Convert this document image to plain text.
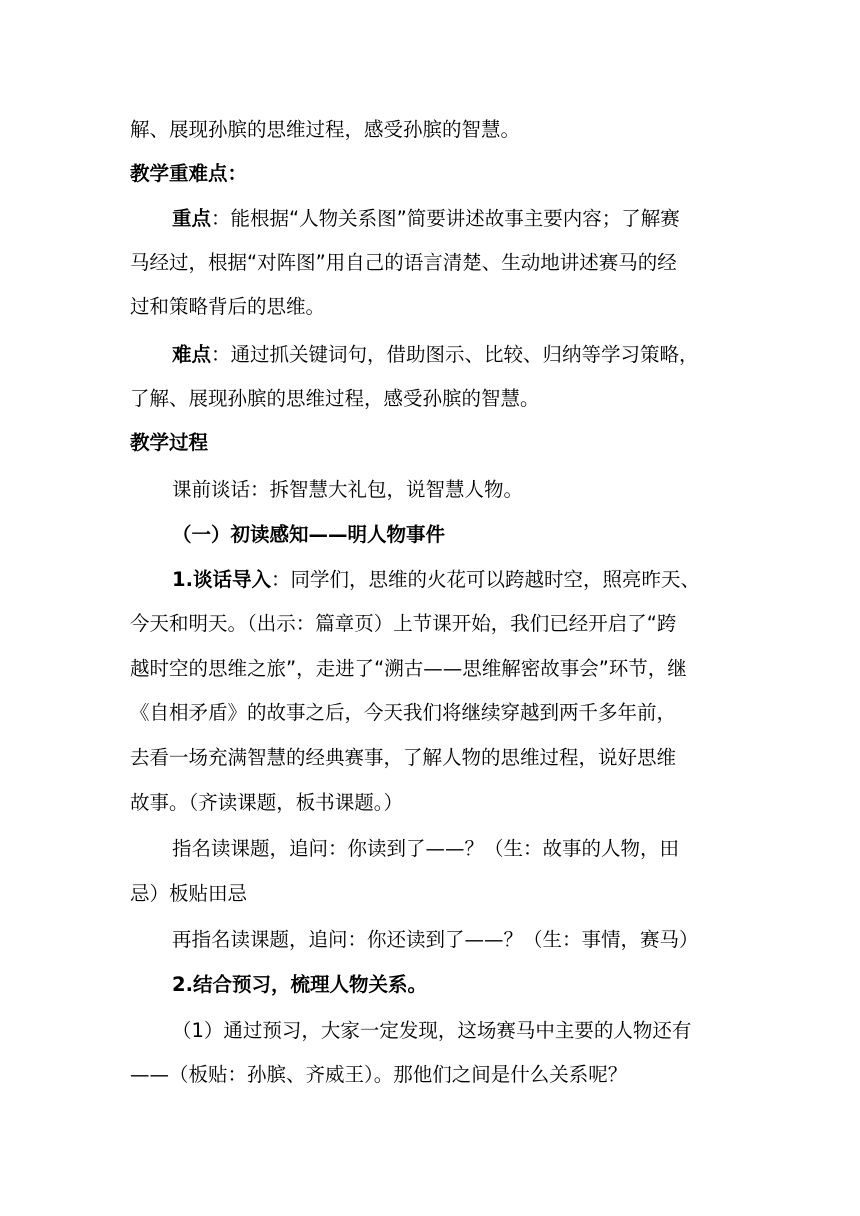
解、展现孙膑的思维过程，感受孙膑的智慧。
教学重难点：
重点：能根据“人物关系图”简要讲述故事主要内容；了解赛
马经过，根据“对阵图”用自己的语言清楚、生动地讲述赛马的经
过和策略背后的思维。
难点：通过抓关键词句，借助图示、比较、归纳等学习策略，
了解、展现孙膑的思维过程，感受孙膑的智慧。
教学过程
课前谈话：拆智慧大礼包，说智慧人物。
（一）初读感知——明人物事件
1.谈话导入：同学们，思维的火花可以跨越时空，照亮昨天、
今天和明天。（出示：篇章页）上节课开始，我们已经开启了“跨
越时空的思维之旅”，走进了“溯古——思维解密故事会”环节，继
《自相矛盾》的故事之后，今天我们将继续穿越到两千多年前，
去看一场充满智慧的经典赛事，了解人物的思维过程，说好思维
故事。（齐读课题，板书课题。）
指名读课题，追问：你读到了——？（生：故事的人物，田
忌）板贴田忌
再指名读课题，追问：你还读到了——？（生：事情，赛马）
2.结合预习，梳理人物关系。
（1）通过预习，大家一定发现，这场赛马中主要的人物还有
——（板贴：孙膑、齐威王）。那他们之间是什么关系呢？
